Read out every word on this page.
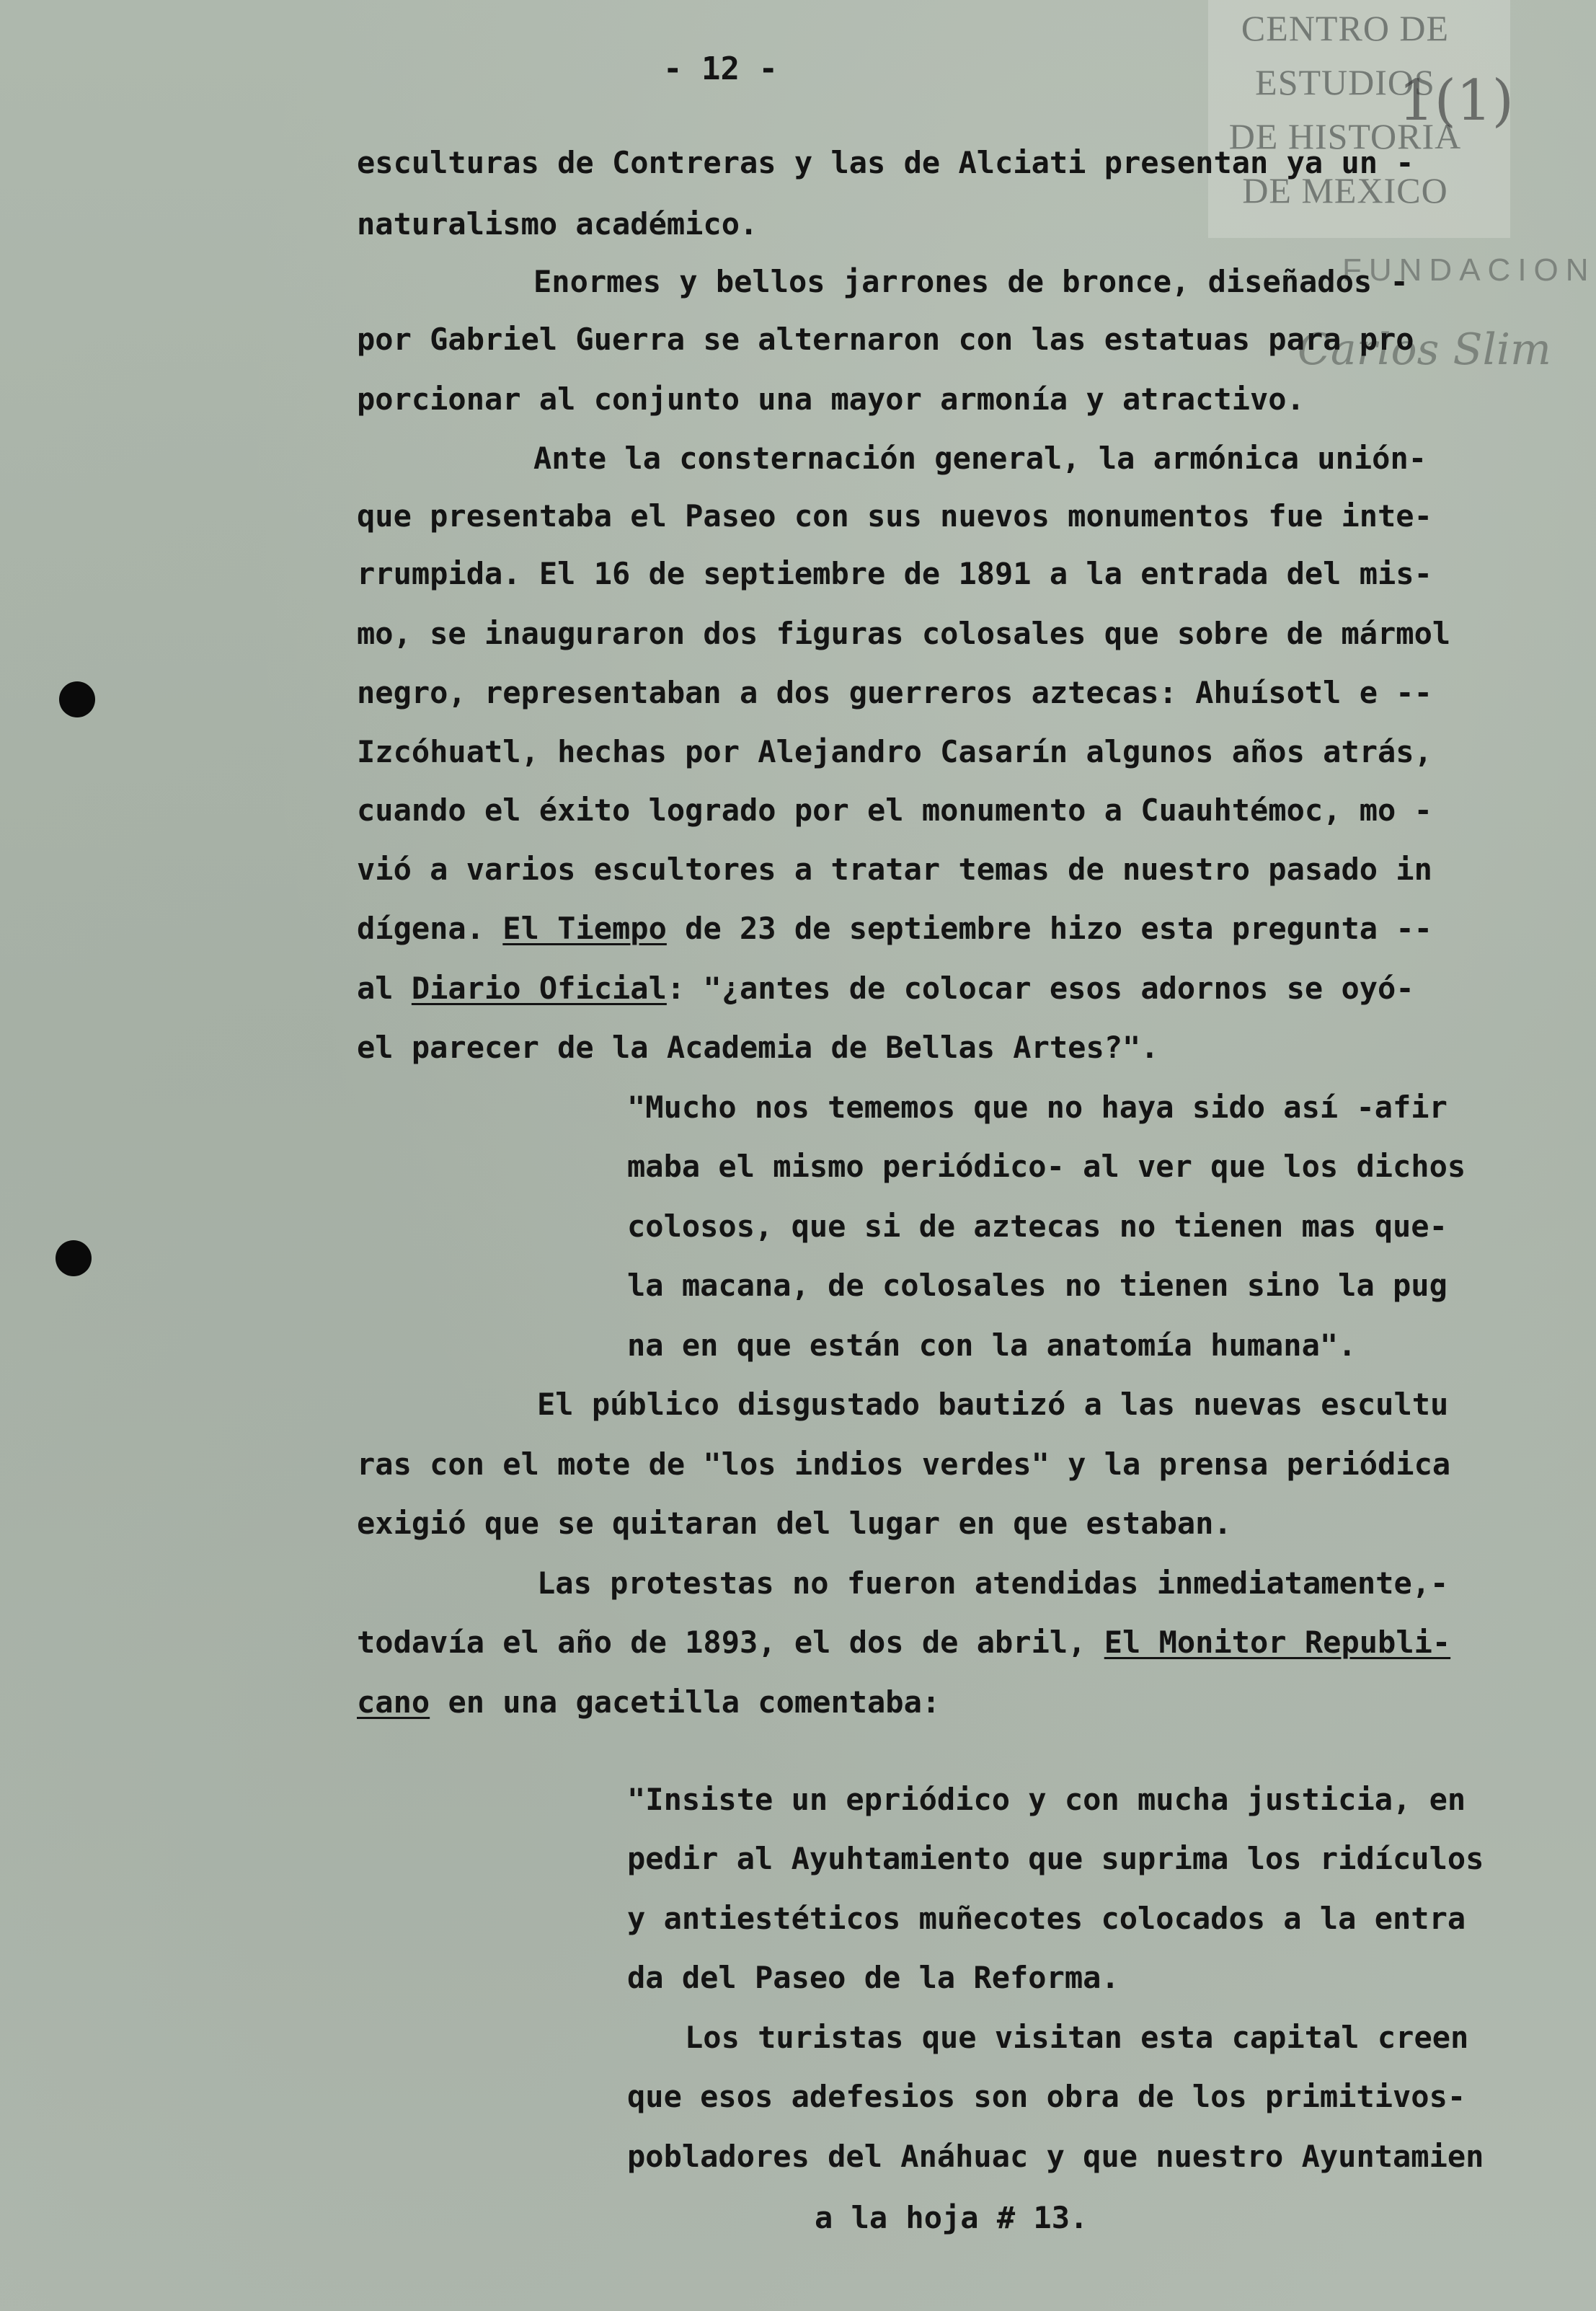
CENTRO DE
ESTUDIOS
DE HISTORIA
DE MEXICO
FUNDACION
Carlos Slim
1(1)
- 12 -
esculturas de Contreras y las de Alciati presentan ya un -
naturalismo académico.
Enormes y bellos jarrones de bronce, diseñados -
por Gabriel Guerra se alternaron con las estatuas para pro
porcionar al conjunto una mayor armonía y atractivo.
Ante la consternación general, la armónica unión-
que presentaba el Paseo con sus nuevos monumentos fue inte-
rrumpida. El 16 de septiembre de 1891 a la entrada del mis-
mo, se inauguraron dos figuras colosales que sobre de mármol
negro, representaban a dos guerreros aztecas: Ahuísotl e --
Izcóhuatl, hechas por Alejandro Casarín algunos años atrás,
cuando el éxito logrado por el monumento a Cuauhtémoc, mo -
vió a varios escultores a tratar temas de nuestro pasado in
dígena. El Tiempo de 23 de septiembre hizo esta pregunta --
al Diario Oficial: "¿antes de colocar esos adornos se oyó-
el parecer de la Academia de Bellas Artes?".
"Mucho nos tememos que no haya sido así -afir
maba el mismo periódico- al ver que los dichos
colosos, que si de aztecas no tienen mas que-
la macana, de colosales no tienen sino la pug
na en que están con la anatomía humana".
El público disgustado bautizó a las nuevas escultu
ras con el mote de "los indios verdes" y la prensa periódica
exigió que se quitaran del lugar en que estaban.
Las protestas no fueron atendidas inmediatamente,-
todavía el año de 1893, el dos de abril, El Monitor Republi-
cano en una gacetilla comentaba:
"Insiste un epriódico y con mucha justicia, en
pedir al Ayuhtamiento que suprima los ridículos
y antiestéticos muñecotes colocados a la entra
da del Paseo de la Reforma.
Los turistas que visitan esta capital creen
que esos adefesios son obra de los primitivos-
pobladores del Anáhuac y que nuestro Ayuntamien
a la hoja # 13.
